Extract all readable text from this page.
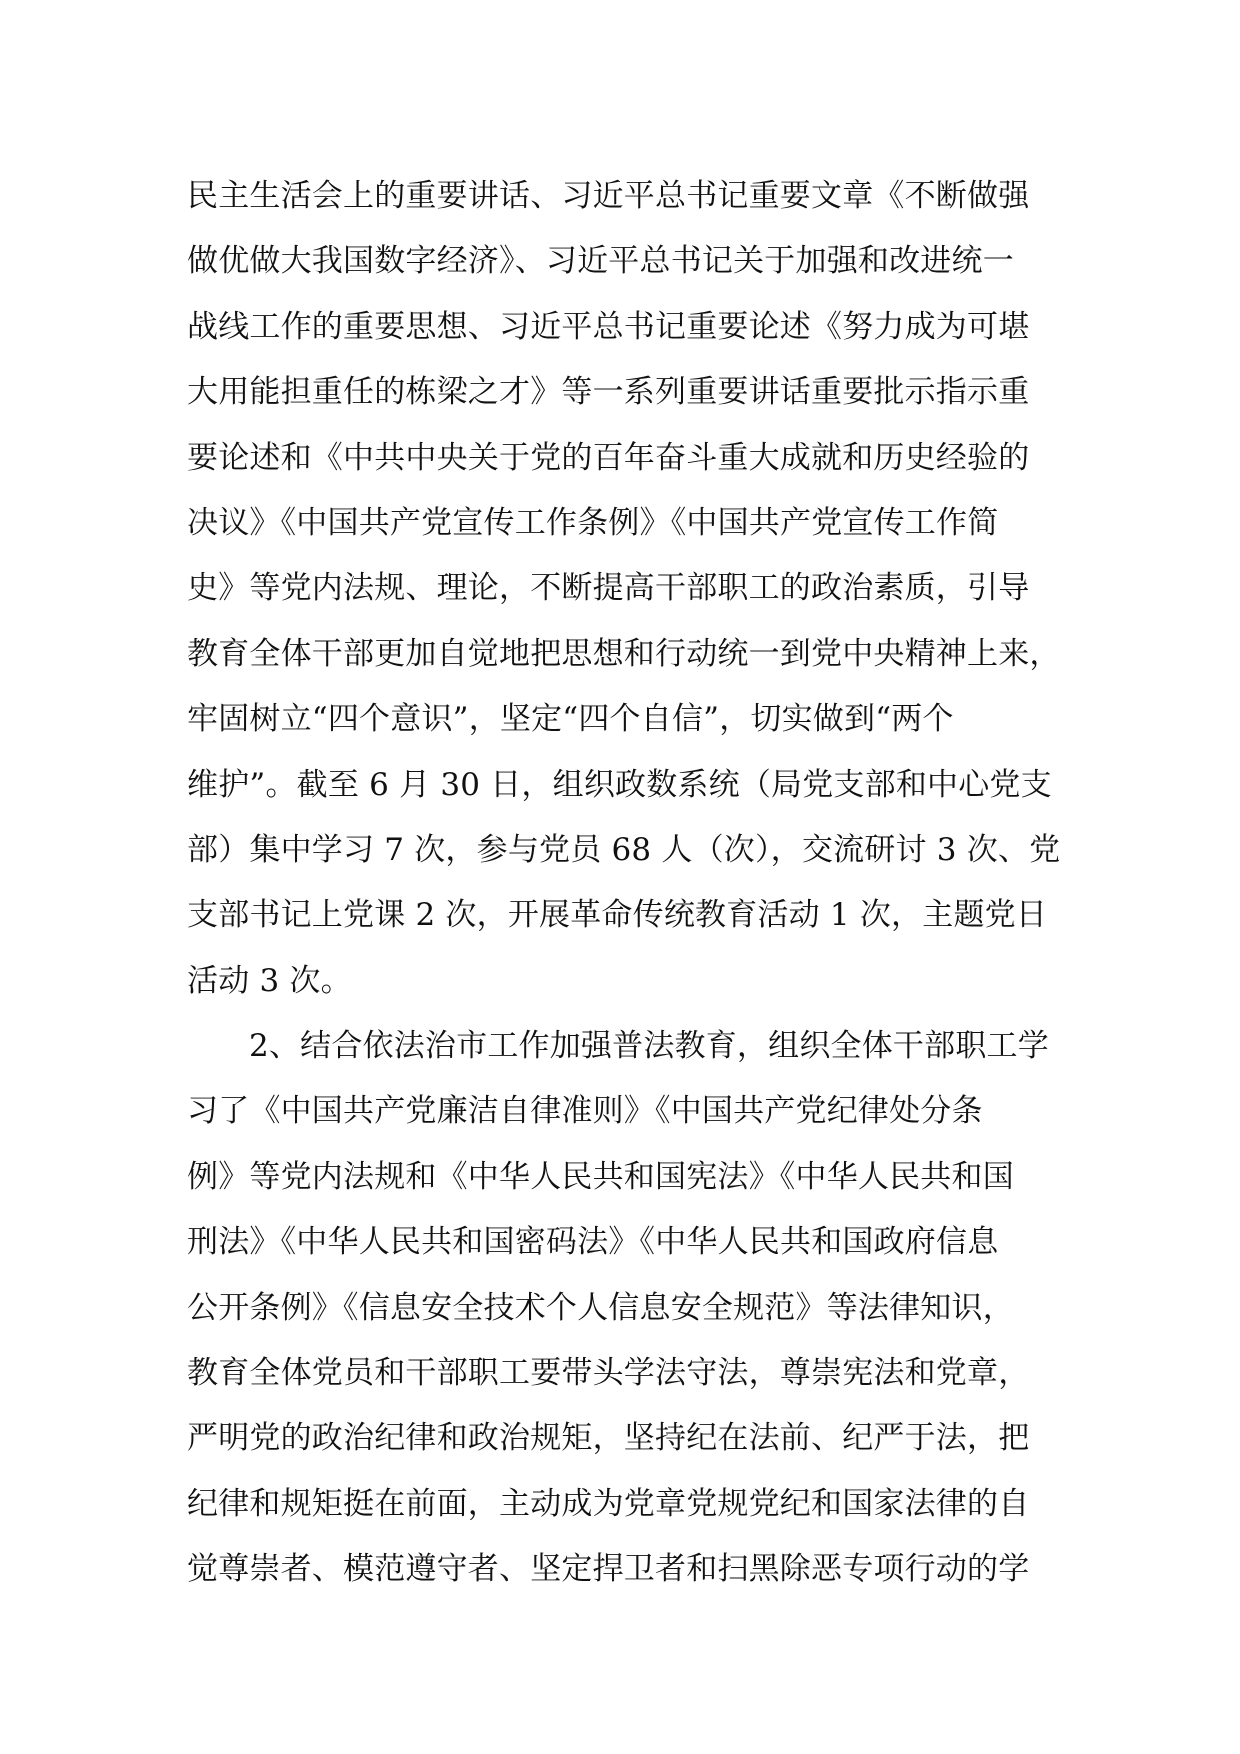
民主生活会上的重要讲话、习近平总书记重要文章《不断做强
做优做大我国数字经济》、习近平总书记关于加强和改进统一
战线工作的重要思想、习近平总书记重要论述《努力成为可堪
大用能担重任的栋梁之才》等一系列重要讲话重要批示指示重
要论述和《中共中央关于党的百年奋斗重大成就和历史经验的
决议》《中国共产党宣传工作条例》《中国共产党宣传工作简
史》等党内法规、理论，不断提高干部职工的政治素质，引导
教育全体干部更加自觉地把思想和行动统一到党中央精神上来，
牢固树立“四个意识”，坚定“四个自信”，切实做到“两个
维护”。截至 6 月 30 日，组织政数系统（局党支部和中心党支
部）集中学习 7 次，参与党员 68 人（次），交流研讨 3 次、党
支部书记上党课 2 次，开展革命传统教育活动 1 次，主题党日
活动 3 次。
2、结合依法治市工作加强普法教育，组织全体干部职工学
习了《中国共产党廉洁自律准则》《中国共产党纪律处分条
例》等党内法规和《中华人民共和国宪法》《中华人民共和国
刑法》《中华人民共和国密码法》《中华人民共和国政府信息
公开条例》《信息安全技术个人信息安全规范》等法律知识，
教育全体党员和干部职工要带头学法守法，尊崇宪法和党章，
严明党的政治纪律和政治规矩，坚持纪在法前、纪严于法，把
纪律和规矩挺在前面，主动成为党章党规党纪和国家法律的自
觉尊崇者、模范遵守者、坚定捍卫者和扫黑除恶专项行动的学
